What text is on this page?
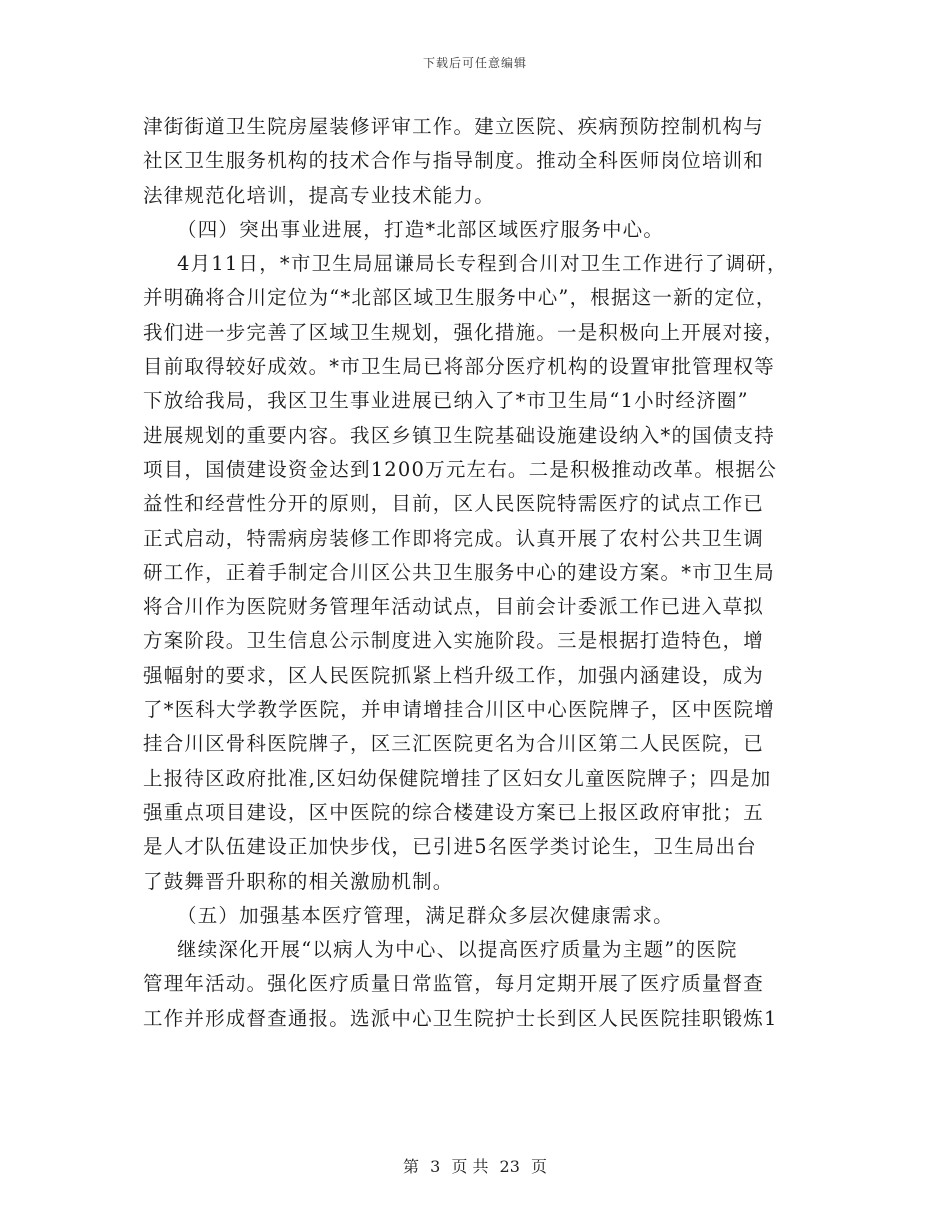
下载后可任意编辑
津街街道卫生院房屋装修评审工作。建立医院、疾病预防控制机构与
社区卫生服务机构的技术合作与指导制度。推动全科医师岗位培训和
法律规范化培训，提高专业技术能力。
（四）突出事业进展，打造*北部区域医疗服务中心。
4月11日，*市卫生局屈谦局长专程到合川对卫生工作进行了调研，
并明确将合川定位为“*北部区域卫生服务中心”，根据这一新的定位，
我们进一步完善了区域卫生规划，强化措施。一是积极向上开展对接，
目前取得较好成效。*市卫生局已将部分医疗机构的设置审批管理权等
下放给我局，我区卫生事业进展已纳入了*市卫生局“1小时经济圈”
进展规划的重要内容。我区乡镇卫生院基础设施建设纳入*的国债支持
项目，国债建设资金达到1200万元左右。二是积极推动改革。根据公
益性和经营性分开的原则，目前，区人民医院特需医疗的试点工作已
正式启动，特需病房装修工作即将完成。认真开展了农村公共卫生调
研工作，正着手制定合川区公共卫生服务中心的建设方案。*市卫生局
将合川作为医院财务管理年活动试点，目前会计委派工作已进入草拟
方案阶段。卫生信息公示制度进入实施阶段。三是根据打造特色，增
强幅射的要求，区人民医院抓紧上档升级工作，加强内涵建设，成为
了*医科大学教学医院，并申请增挂合川区中心医院牌子，区中医院增
挂合川区骨科医院牌子，区三汇医院更名为合川区第二人民医院，已
上报待区政府批准,区妇幼保健院增挂了区妇女儿童医院牌子；四是加
强重点项目建设，区中医院的综合楼建设方案已上报区政府审批；五
是人才队伍建设正加快步伐，已引进5名医学类讨论生，卫生局出台
了鼓舞晋升职称的相关激励机制。
（五）加强基本医疗管理，满足群众多层次健康需求。
继续深化开展“以病人为中心、以提高医疗质量为主题”的医院
管理年活动。强化医疗质量日常监管，每月定期开展了医疗质量督查
工作并形成督查通报。选派中心卫生院护士长到区人民医院挂职锻炼1
第 3 页 共 23 页
